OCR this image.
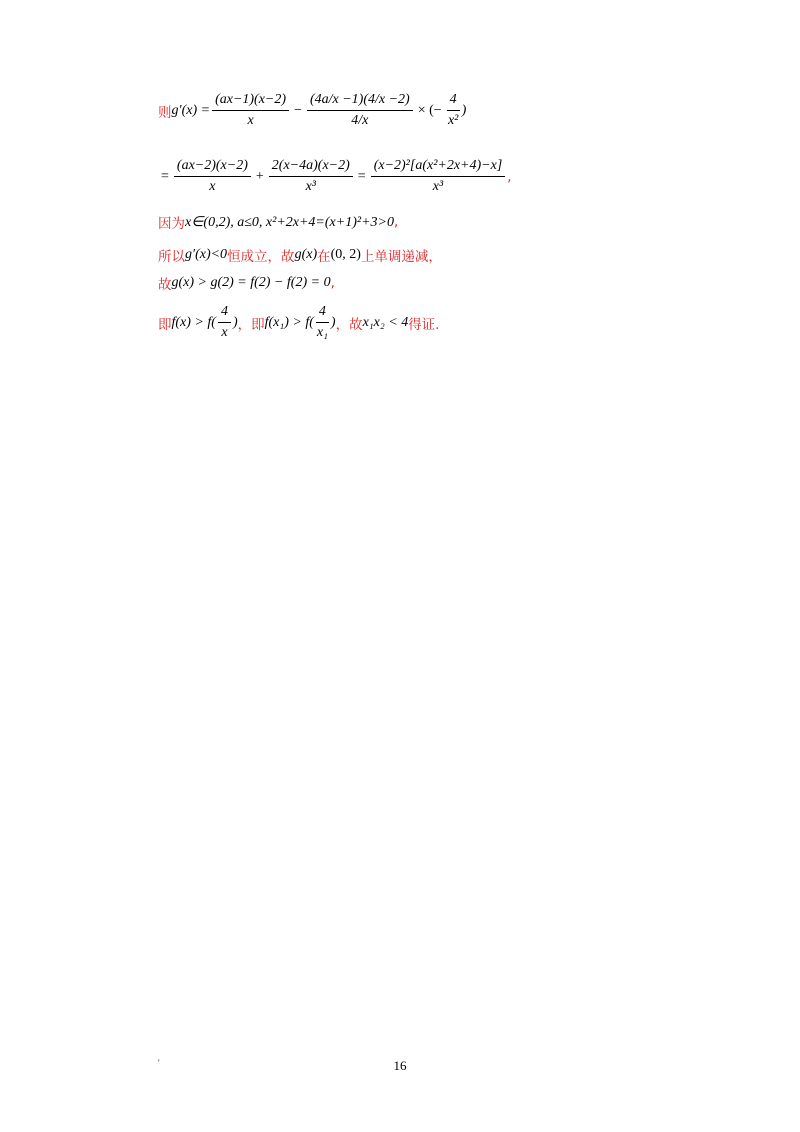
则 $g'(x) = \frac{(ax-1)(x-2)}{x} - \frac{(4a/x -1)(4/x -2)}{4/x}$ × (− $\frac{4}{\text{x²}}$ )
= $\frac{(ax-2)(x-2)}{x} + \frac{2(x-4a)(x-2)}{\text{x³}} = \frac{\text{(x−2)²[a(x²+2x+4)−x]}}{\text{x³}}$ ,
因为 x∈(0,2), a≤0, x²+2x+4=(x+1)²+3>0 ,
所以 g′(x)<0 恒成立，故 g(x) 在 (0, 2) 上单调递减，
故 g(x) > g(2) = f(2) − f(2) = 0 ,
即 $f(x) > f( \frac{4}{x}$ ) ，即 $f(x_1) > f( \frac{4}{\text{x₁}}$ ) ，故 x₁x₂ < 4 得证.
'	16
